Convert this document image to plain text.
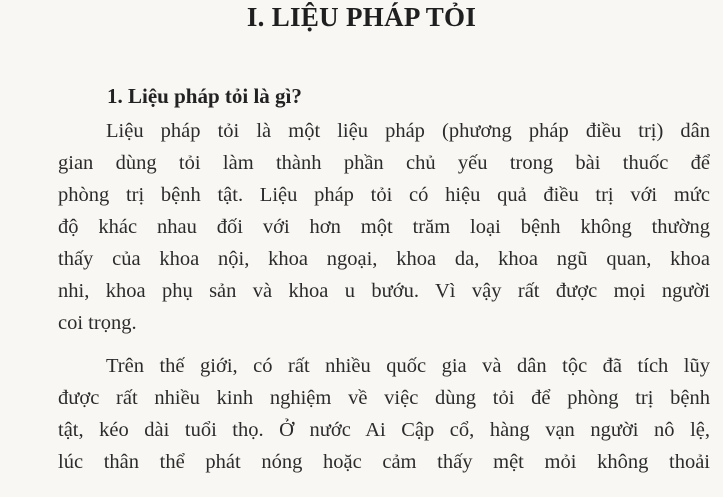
I. LIỆU PHÁP TỎI
1. Liệu pháp tỏi là gì?

Liệu pháp tỏi là một liệu pháp (phương pháp điều trị) dân
gian dùng tỏi làm thành phần chủ yếu trong bài thuốc để
phòng trị bệnh tật. Liệu pháp tỏi có hiệu quả điều trị với mức
độ khác nhau đối với hơn một trăm loại bệnh không thường
thấy của khoa nội, khoa ngoại, khoa da, khoa ngũ quan, khoa
nhi, khoa phụ sản và khoa u bướu. Vì vậy rất được mọi người
coi trọng.

Trên thế giới, có rất nhiều quốc gia và dân tộc đã tích lũy
được rất nhiều kinh nghiệm về việc dùng tỏi để phòng trị bệnh
tật, kéo dài tuổi thọ. Ở nước Ai Cập cổ, hàng vạn người nô lệ,
lúc thân thể phát nóng hoặc cảm thấy mệt mỏi không thoải
